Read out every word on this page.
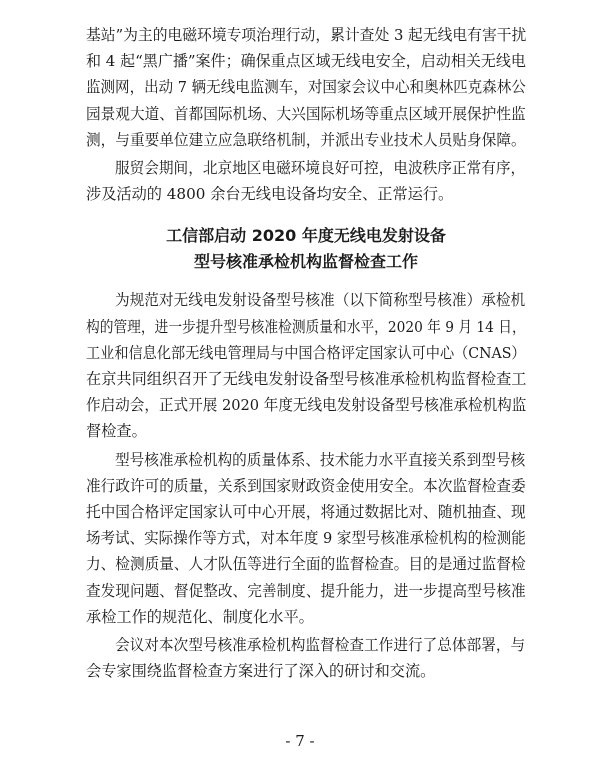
基站”为主的电磁环境专项治理行动，累计查处 3 起无线电有害干扰
和 4 起“黑广播”案件；确保重点区域无线电安全，启动相关无线电
监测网，出动 7 辆无线电监测车，对国家会议中心和奥林匹克森林公
园景观大道、首都国际机场、大兴国际机场等重点区域开展保护性监
测，与重要单位建立应急联络机制，并派出专业技术人员贴身保障。
服贸会期间，北京地区电磁环境良好可控，电波秩序正常有序，
涉及活动的 4800 余台无线电设备均安全、正常运行。

工信部启动 2020 年度无线电发射设备

型号核准承检机构监督检查工作

为规范对无线电发射设备型号核准（以下简称型号核准）承检机
构的管理，进一步提升型号核准检测质量和水平，2020 年 9 月 14 日，
工业和信息化部无线电管理局与中国合格评定国家认可中心（CNAS）
在京共同组织召开了无线电发射设备型号核准承检机构监督检查工
作启动会，正式开展 2020 年度无线电发射设备型号核准承检机构监
督检查。
型号核准承检机构的质量体系、技术能力水平直接关系到型号核
准行政许可的质量，关系到国家财政资金使用安全。本次监督检查委
托中国合格评定国家认可中心开展，将通过数据比对、随机抽查、现
场考试、实际操作等方式，对本年度 9 家型号核准承检机构的检测能
力、检测质量、人才队伍等进行全面的监督检查。目的是通过监督检
查发现问题、督促整改、完善制度、提升能力，进一步提高型号核准
承检工作的规范化、制度化水平。
会议对本次型号核准承检机构监督检查工作进行了总体部署，与
会专家围绕监督检查方案进行了深入的研讨和交流。
- 7 -
